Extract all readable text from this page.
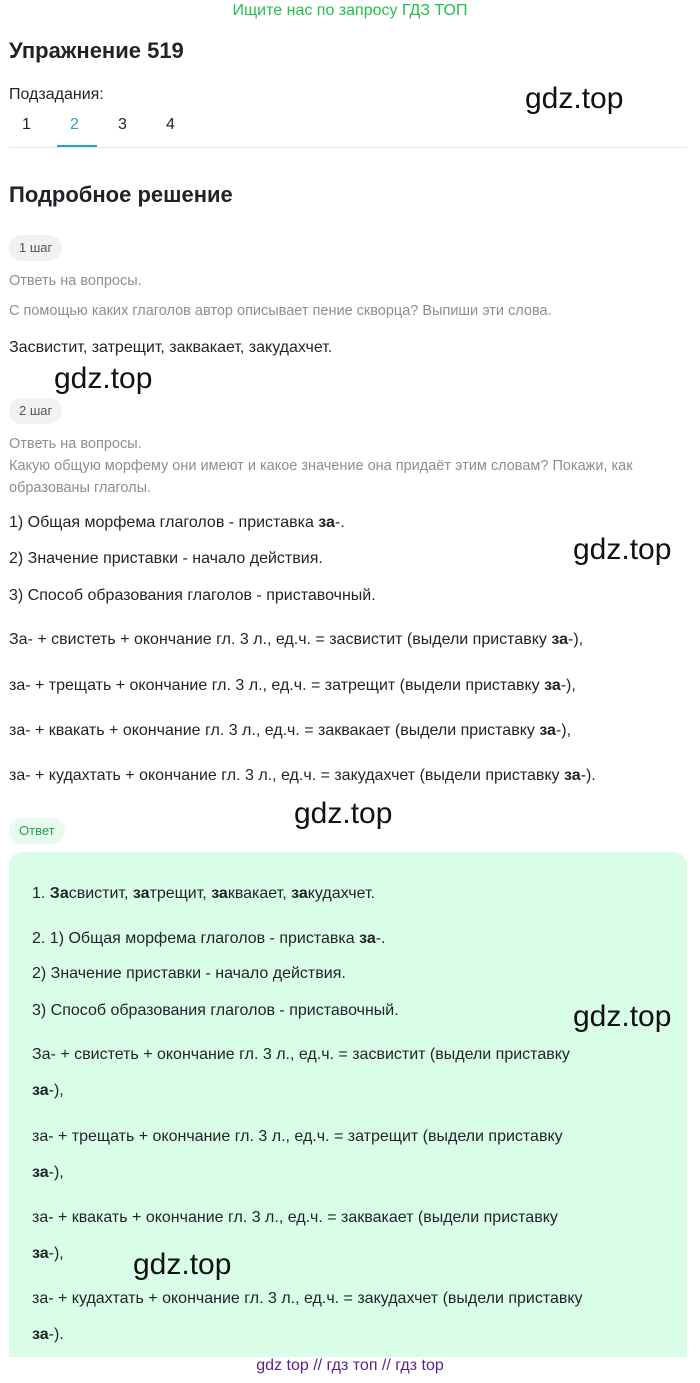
Ищите нас по запросу ГДЗ ТОП
Упражнение 519
Подзадания:
1	2	3	4
Подробное решение
1 шаг
Ответь на вопросы.
С помощью каких глаголов автор описывает пение скворца? Выпиши эти слова.
Засвистит, затрещит, заквакает, закудахчет.
gdz.top
2 шаг
Ответь на вопросы.
Какую общую морфему они имеют и какое значение она придаёт этим словам? Покажи, как образованы глаголы.
1) Общая морфема глаголов - приставка за-.
gdz.top
2) Значение приставки - начало действия.
3) Способ образования глаголов - приставочный.
За- + свистеть + окончание гл. 3 л., ед.ч. = засвистит (выдели приставку за-),
за- + трещать + окончание гл. 3 л., ед.ч. = затрещит (выдели приставку за-),
за- + квакать + окончание гл. 3 л., ед.ч. = заквакает (выдели приставку за-),
за- + кудахтать + окончание гл. 3 л., ед.ч. = закудахчет (выдели приставку за-).
gdz.top
Ответ
1. Засвистит, затрещит, заквакает, закудахчет.
2. 1) Общая морфема глаголов - приставка за-.
2) Значение приставки - начало действия.
3) Способ образования глаголов - приставочный.	gdz.top
За- + свистеть + окончание гл. 3 л., ед.ч. = засвистит (выдели приставку
за-),
за- + трещать + окончание гл. 3 л., ед.ч. = затрещит (выдели приставку
за-),
за- + квакать + окончание гл. 3 л., ед.ч. = заквакает (выдели приставку
за-), gdz.top
за- + кудахтать + окончание гл. 3 л., ед.ч. = закудахчет (выдели приставку
за-).
gdz.top
gdz top // гдз топ // гдз top
